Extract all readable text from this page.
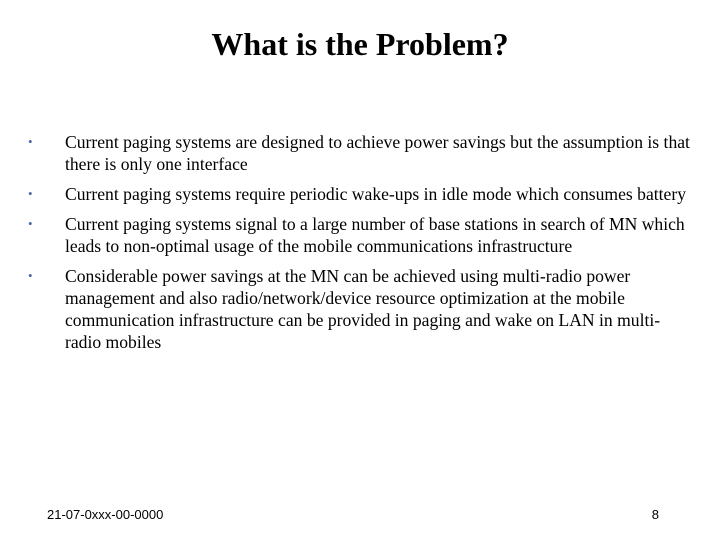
What is the Problem?
•	Current paging systems are designed to achieve power savings but the assumption is that there is only one interface
•	Current paging systems require periodic wake-ups in idle mode which consumes battery
•	Current paging systems signal to a large number of base stations in search of MN which leads to non-optimal usage of the mobile communications infrastructure
•	Considerable power savings at the MN can be achieved using multi-radio power management and also radio/network/device resource optimization at the mobile communication infrastructure can be provided in paging and wake on LAN in multi-radio mobiles
21-07-0xxx-00-0000	8
